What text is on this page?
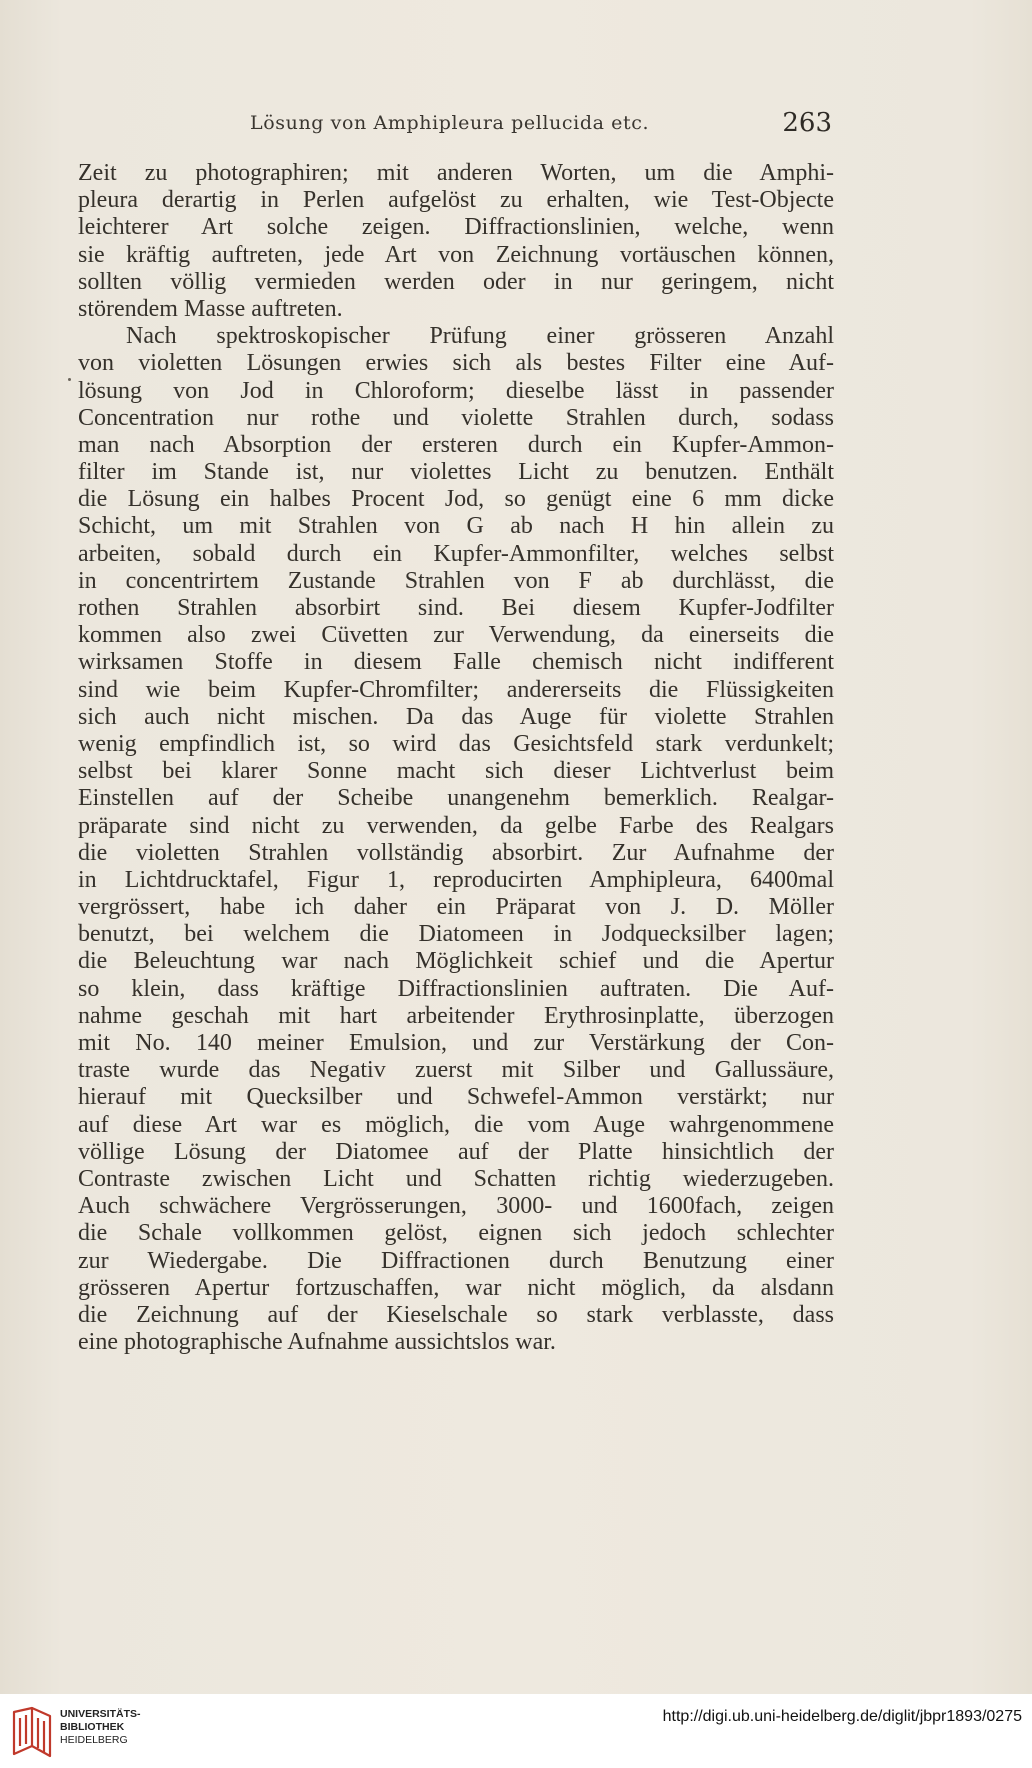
Lösung von Amphipleura pellucida etc.	263
Zeit zu photographiren; mit anderen Worten, um die Amphi-
pleura derartig in Perlen aufgelöst zu erhalten, wie Test-Objecte
leichterer Art solche zeigen. Diffractionslinien, welche, wenn
sie kräftig auftreten, jede Art von Zeichnung vortäuschen können,
sollten völlig vermieden werden oder in nur geringem, nicht
störendem Masse auftreten.
Nach spektroskopischer Prüfung einer grösseren Anzahl
von violetten Lösungen erwies sich als bestes Filter eine Auf-
lösung von Jod in Chloroform; dieselbe lässt in passender
Concentration nur rothe und violette Strahlen durch, sodass
man nach Absorption der ersteren durch ein Kupfer-Ammon-
filter im Stande ist, nur violettes Licht zu benutzen. Enthält
die Lösung ein halbes Procent Jod, so genügt eine 6 mm dicke
Schicht, um mit Strahlen von G ab nach H hin allein zu
arbeiten, sobald durch ein Kupfer-Ammonfilter, welches selbst
in concentrirtem Zustande Strahlen von F ab durchlässt, die
rothen Strahlen absorbirt sind. Bei diesem Kupfer-Jodfilter
kommen also zwei Cüvetten zur Verwendung, da einerseits die
wirksamen Stoffe in diesem Falle chemisch nicht indifferent
sind wie beim Kupfer-Chromfilter; andererseits die Flüssigkeiten
sich auch nicht mischen. Da das Auge für violette Strahlen
wenig empfindlich ist, so wird das Gesichtsfeld stark verdunkelt;
selbst bei klarer Sonne macht sich dieser Lichtverlust beim
Einstellen auf der Scheibe unangenehm bemerklich. Realgar-
präparate sind nicht zu verwenden, da gelbe Farbe des Realgars
die violetten Strahlen vollständig absorbirt. Zur Aufnahme der
in Lichtdrucktafel, Figur 1, reproducirten Amphipleura, 6400mal
vergrössert, habe ich daher ein Präparat von J. D. Möller
benutzt, bei welchem die Diatomeen in Jodquecksilber lagen;
die Beleuchtung war nach Möglichkeit schief und die Apertur
so klein, dass kräftige Diffractionslinien auftraten. Die Auf-
nahme geschah mit hart arbeitender Erythrosinplatte, überzogen
mit No. 140 meiner Emulsion, und zur Verstärkung der Con-
traste wurde das Negativ zuerst mit Silber und Gallussäure,
hierauf mit Quecksilber und Schwefel-Ammon verstärkt; nur
auf diese Art war es möglich, die vom Auge wahrgenommene
völlige Lösung der Diatomee auf der Platte hinsichtlich der
Contraste zwischen Licht und Schatten richtig wiederzugeben.
Auch schwächere Vergrösserungen, 3000- und 1600fach, zeigen
die Schale vollkommen gelöst, eignen sich jedoch schlechter
zur Wiedergabe. Die Diffractionen durch Benutzung einer
grösseren Apertur fortzuschaffen, war nicht möglich, da alsdann
die Zeichnung auf der Kieselschale so stark verblasste, dass
eine photographische Aufnahme aussichtslos war.
UNIVERSITÄTS-
BIBLIOTHEK
HEIDELBERG
http://digi.ub.uni-heidelberg.de/diglit/jbpr1893/0275
